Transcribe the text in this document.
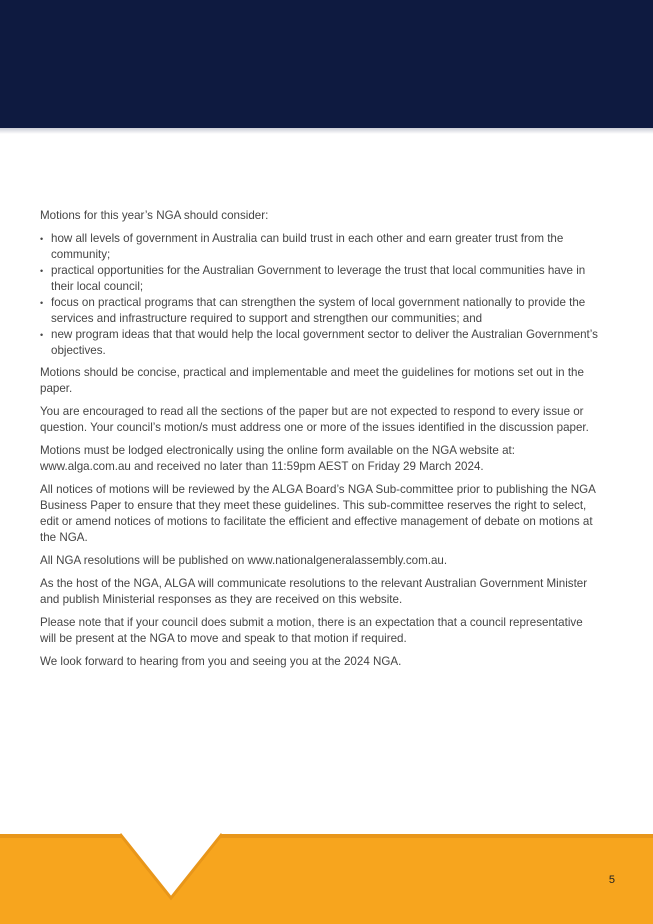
Motions for this year’s NGA should consider:

• how all levels of government in Australia can build trust in each other and earn greater trust from the community;
• practical opportunities for the Australian Government to leverage the trust that local communities have in their local council;
• focus on practical programs that can strengthen the system of local government nationally to provide the services and infrastructure required to support and strengthen our communities; and
• new program ideas that that would help the local government sector to deliver the Australian Government’s objectives.

Motions should be concise, practical and implementable and meet the guidelines for motions set out in the paper.

You are encouraged to read all the sections of the paper but are not expected to respond to every issue or question. Your council’s motion/s must address one or more of the issues identified in the discussion paper.

Motions must be lodged electronically using the online form available on the NGA website at: www.alga.com.au and received no later than 11:59pm AEST on Friday 29 March 2024.

All notices of motions will be reviewed by the ALGA Board’s NGA Sub-committee prior to publishing the NGA Business Paper to ensure that they meet these guidelines. This sub-committee reserves the right to select, edit or amend notices of motions to facilitate the efficient and effective management of debate on motions at the NGA.

All NGA resolutions will be published on www.nationalgeneralassembly.com.au.

As the host of the NGA, ALGA will communicate resolutions to the relevant Australian Government Minister and publish Ministerial responses as they are received on this website.

Please note that if your council does submit a motion, there is an expectation that a council representative will be present at the NGA to move and speak to that motion if required.

We look forward to hearing from you and seeing you at the 2024 NGA.

5
